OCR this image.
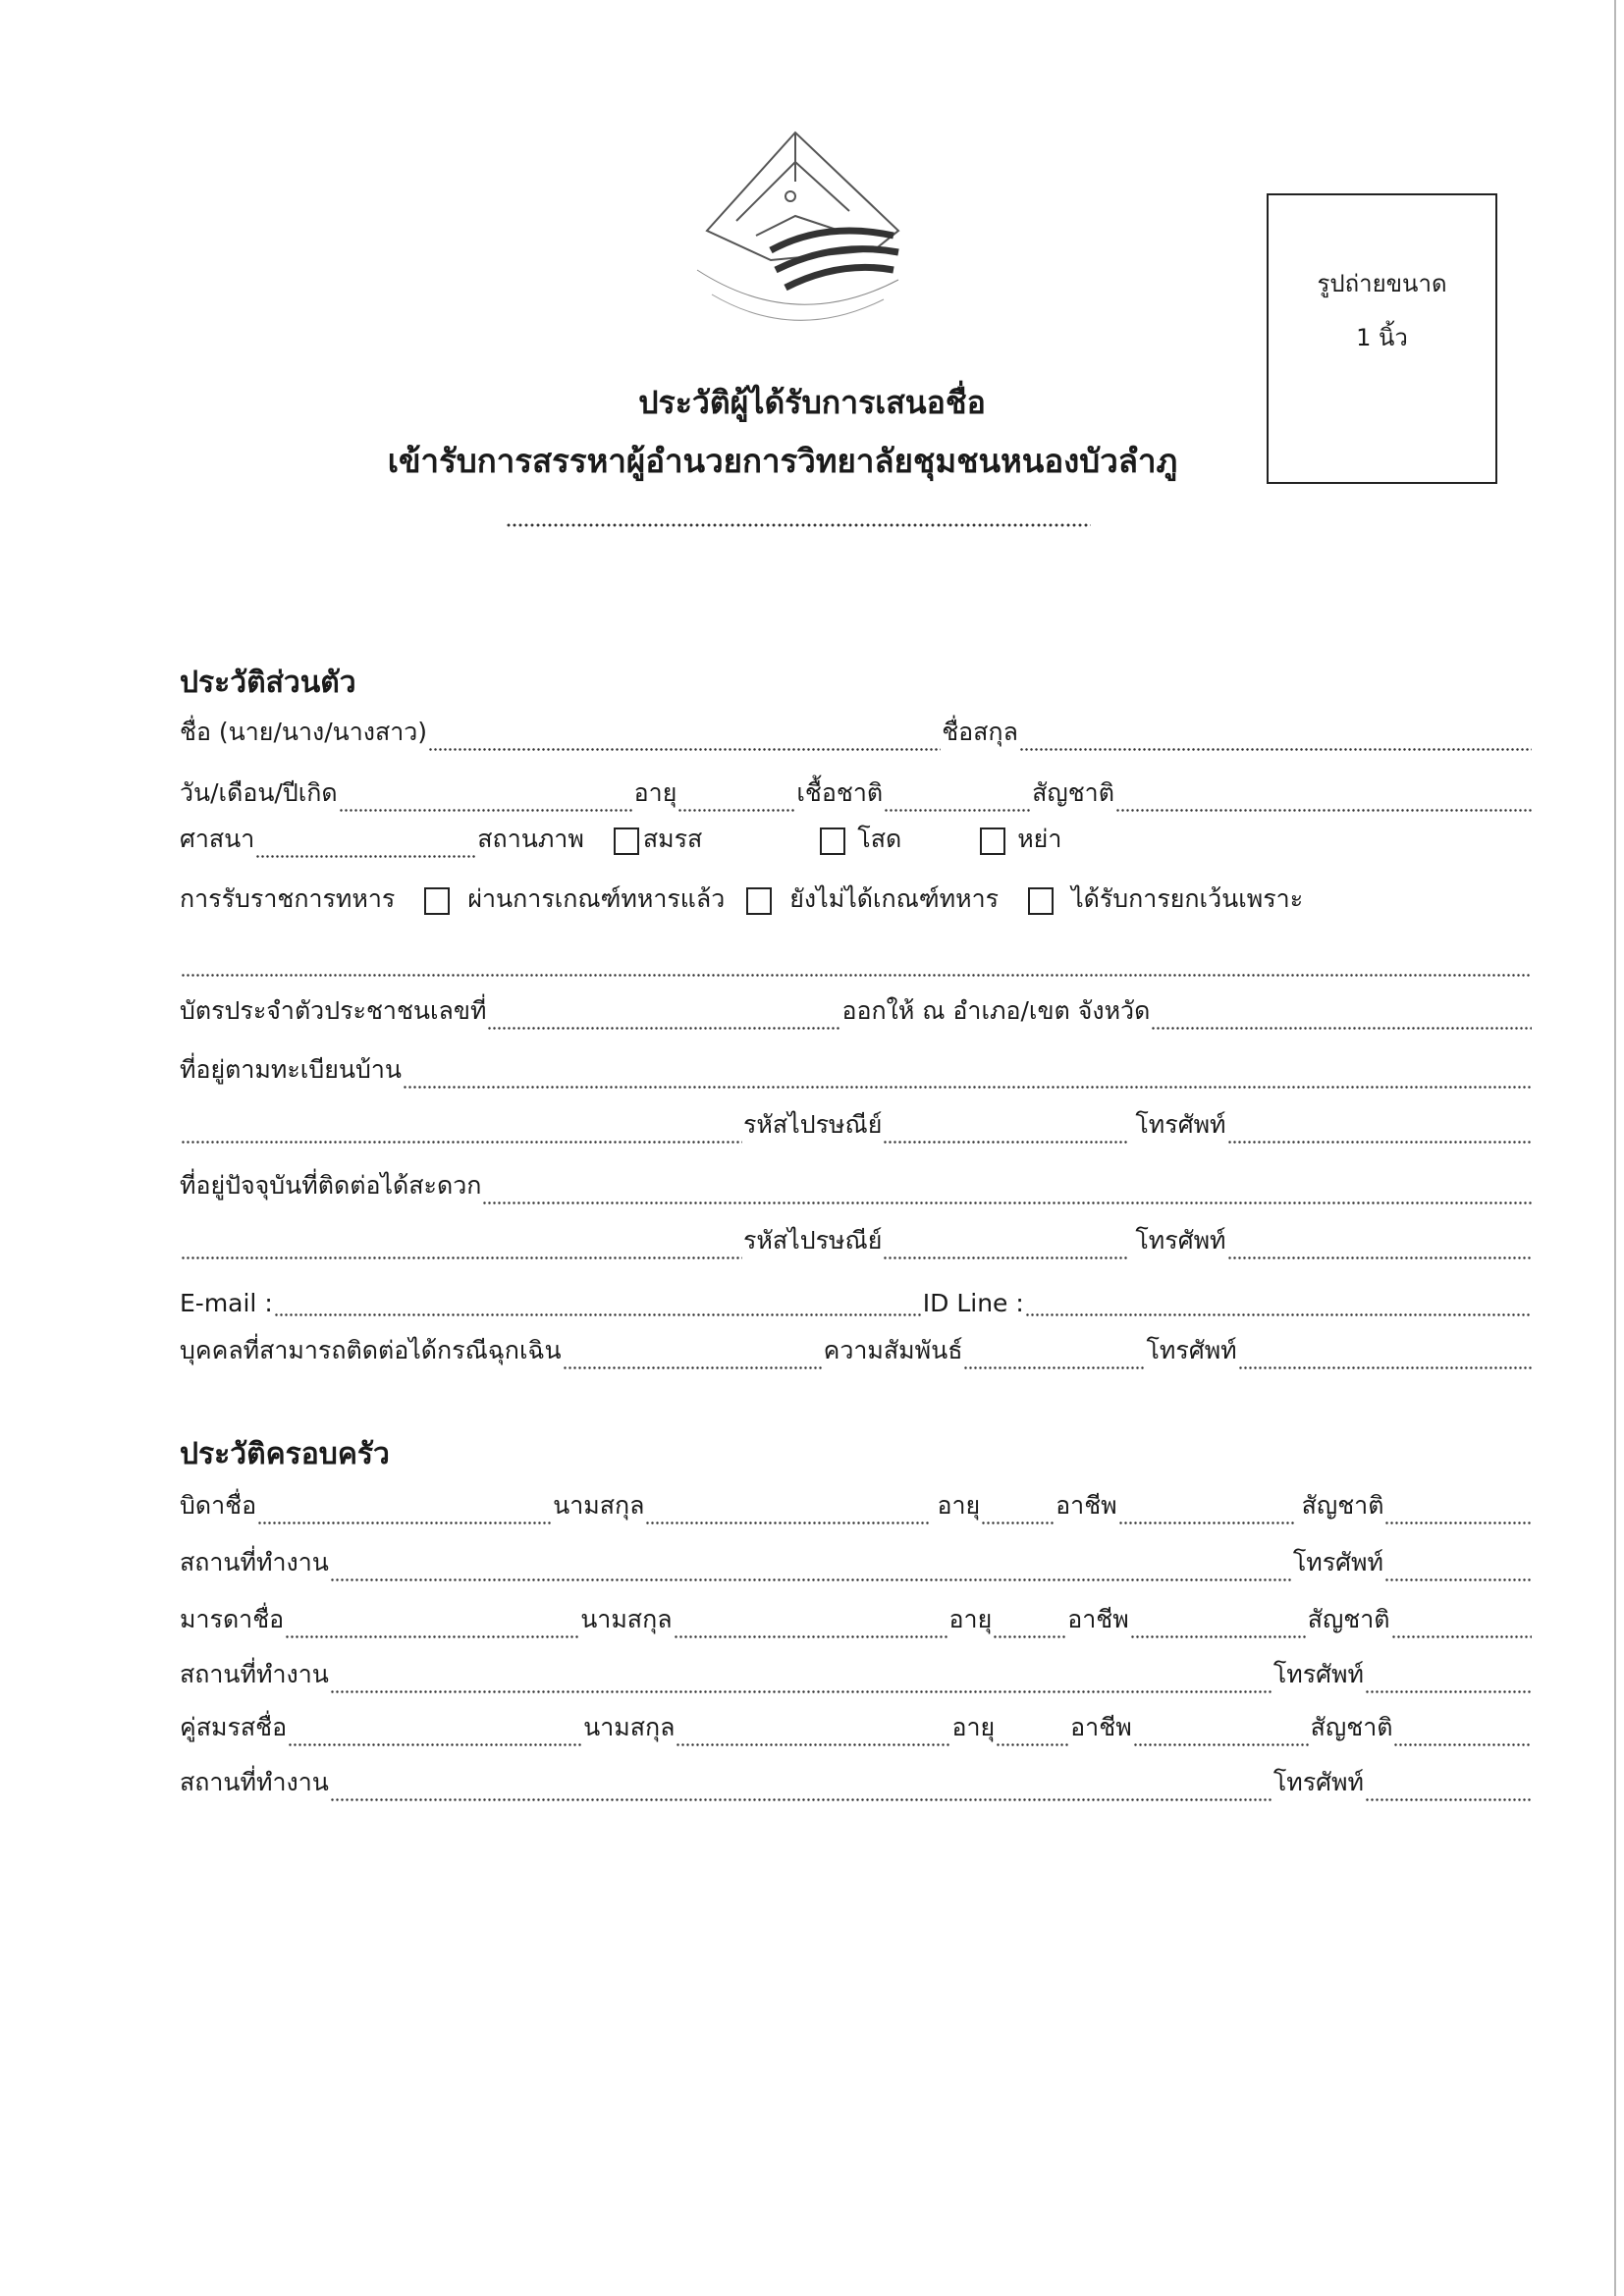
รูปถ่ายขนาด
1 นิ้ว
ประวัติผู้ได้รับการเสนอชื่อ
เข้ารับการสรรหาผู้อำนวยการวิทยาลัยชุมชนหนองบัวลำภู
ประวัติส่วนตัว
ชื่อ (นาย/นาง/นางสาว)	ชื่อสกุล
วัน/เดือน/ปีเกิด	อายุ	เชื้อชาติ	สัญชาติ
ศาสนา	สถานภาพ สมรส	โสด	หย่า
การรับราชการทหาร	ผ่านการเกณฑ์ทหารแล้ว	ยังไม่ได้เกณฑ์ทหาร	ได้รับการยกเว้นเพราะ
บัตรประจำตัวประชาชนเลขที่	ออกให้ ณ อำเภอ/เขต จังหวัด
ที่อยู่ตามทะเบียนบ้าน
รหัสไปรษณีย์	โทรศัพท์
ที่อยู่ปัจจุบันที่ติดต่อได้สะดวก
รหัสไปรษณีย์	โทรศัพท์
E-mail :	ID Line :
บุคคลที่สามารถติดต่อได้กรณีฉุกเฉิน	ความสัมพันธ์	โทรศัพท์
ประวัติครอบครัว
บิดาชื่อ	นามสกุล	อายุ	อาชีพ	สัญชาติ
สถานที่ทำงาน	โทรศัพท์
มารดาชื่อ	นามสกุล	อายุ	อาชีพ	สัญชาติ
สถานที่ทำงาน	โทรศัพท์
คู่สมรสชื่อ	นามสกุล	อายุ	อาชีพ	สัญชาติ
สถานที่ทำงาน	โทรศัพท์
